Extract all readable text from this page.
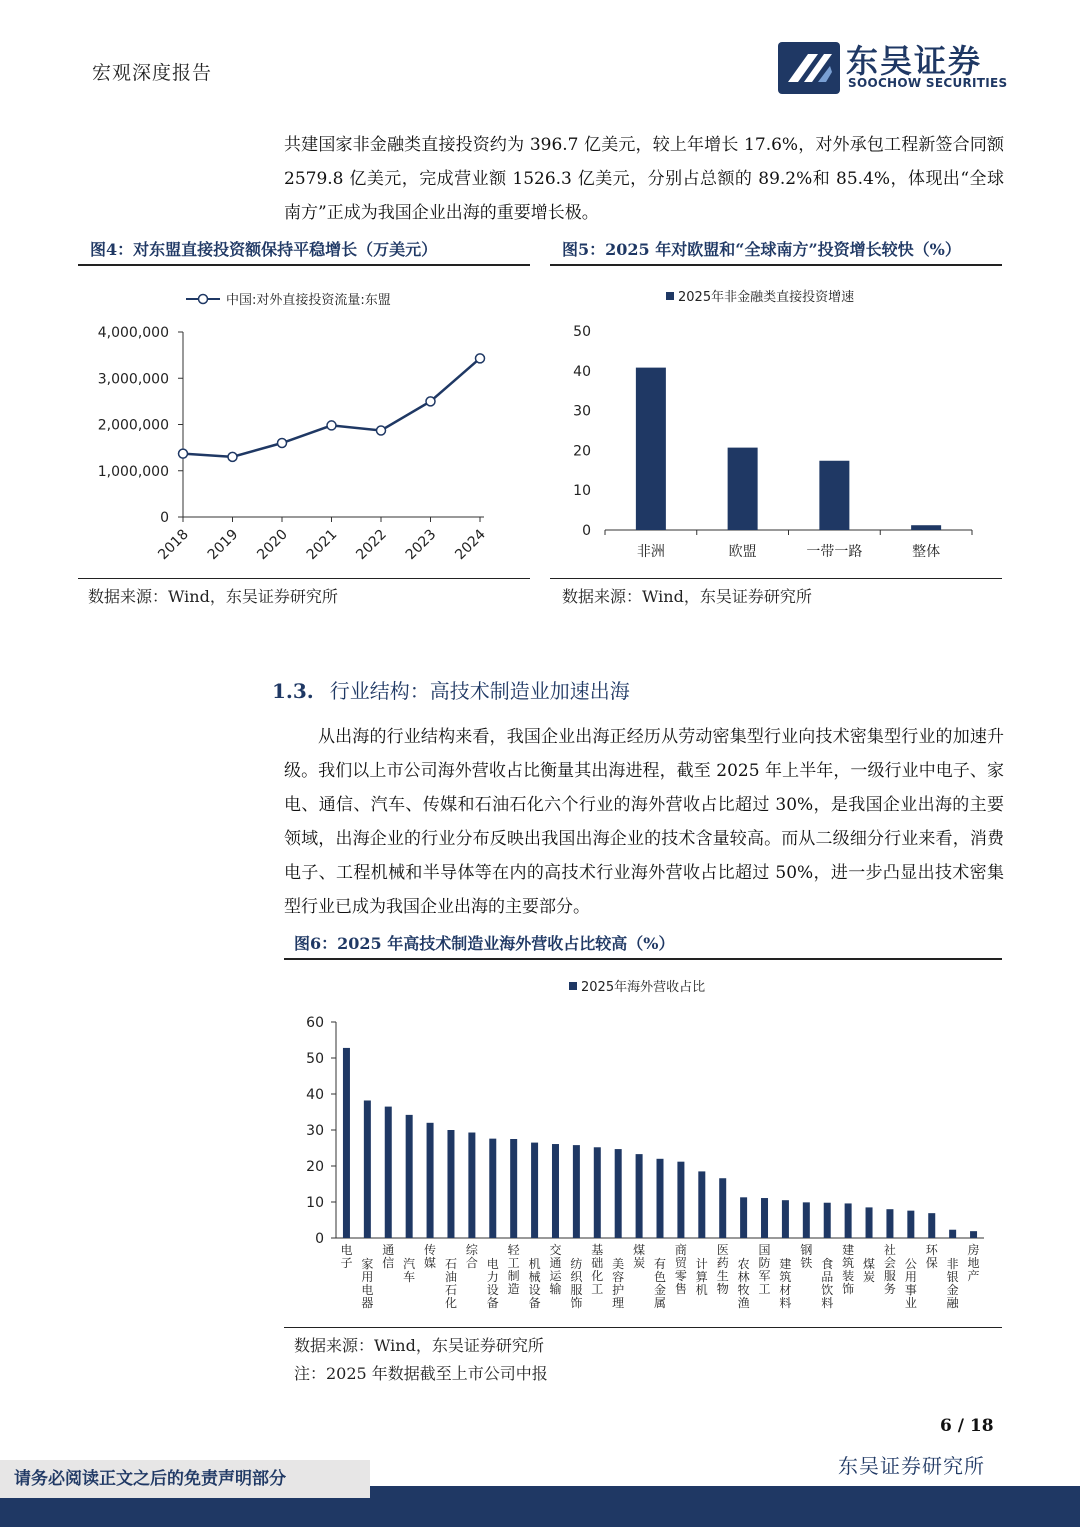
宏观深度报告	东吴证券
SOOCHOW SECURITIES

共建国家非金融类直接投资约为 396.7 亿美元，较上年增长 17.6%，对外承包工程新签合同额 2579.8 亿美元，完成营业额 1526.3 亿美元，分别占总额的 89.2%和 85.4%，体现出“全球南方”正成为我国企业出海的重要增长极。

图4：对东盟直接投资额保持平稳增长（万美元）
中国:对外直接投资流量:东盟
0
1,000,000
2,000,000
3,000,000
4,000,000
2018 2019 2020 2021 2022 2023 2024
数据来源：Wind，东吴证券研究所
图5：2025 年对欧盟和“全球南方”投资增长较快（%）
2025年非金融类直接投资增速
0
10
20
30
40
50
非洲	欧盟	一带一路	整体
数据来源：Wind，东吴证券研究所
1.3. 行业结构：高技术制造业加速出海

从出海的行业结构来看，我国企业出海正经历从劳动密集型行业向技术密集型行业的加速升级。我们以上市公司海外营收占比衡量其出海进程，截至 2025 年上半年，一级行业中电子、家电、通信、汽车、传媒和石油石化六个行业的海外营收占比超过 30%，是我国企业出海的主要领域，出海企业的行业分布反映出我国出海企业的技术含量较高。而从二级细分行业来看，消费电子、工程机械和半导体等在内的高技术行业海外营收占比超过 50%，进一步凸显出技术密集型行业已成为我国企业出海的主要部分。

图6：2025 年高技术制造业海外营收占比较高（%）
2025年海外营收占比
0
10
20
30
40
50
60
电子 家用电器
通信 汽车
传媒 石油石化
综合 电力设备
轻工制造
机械设备
交通运输
纺织服饰
基础化工
美容护理
煤炭 有色金属
商贸零售
计算机
医药生物
农林牧渔
国防军工
建筑材料
钢铁 食品饮料
建筑装饰
煤炭
社会服务
公用事业
环保 非银金融
房地产
数据来源：Wind，东吴证券研究所
注：2025 年数据截至上市公司中报
6 / 18
东吴证券研究所
请务必阅读正文之后的免责声明部分
